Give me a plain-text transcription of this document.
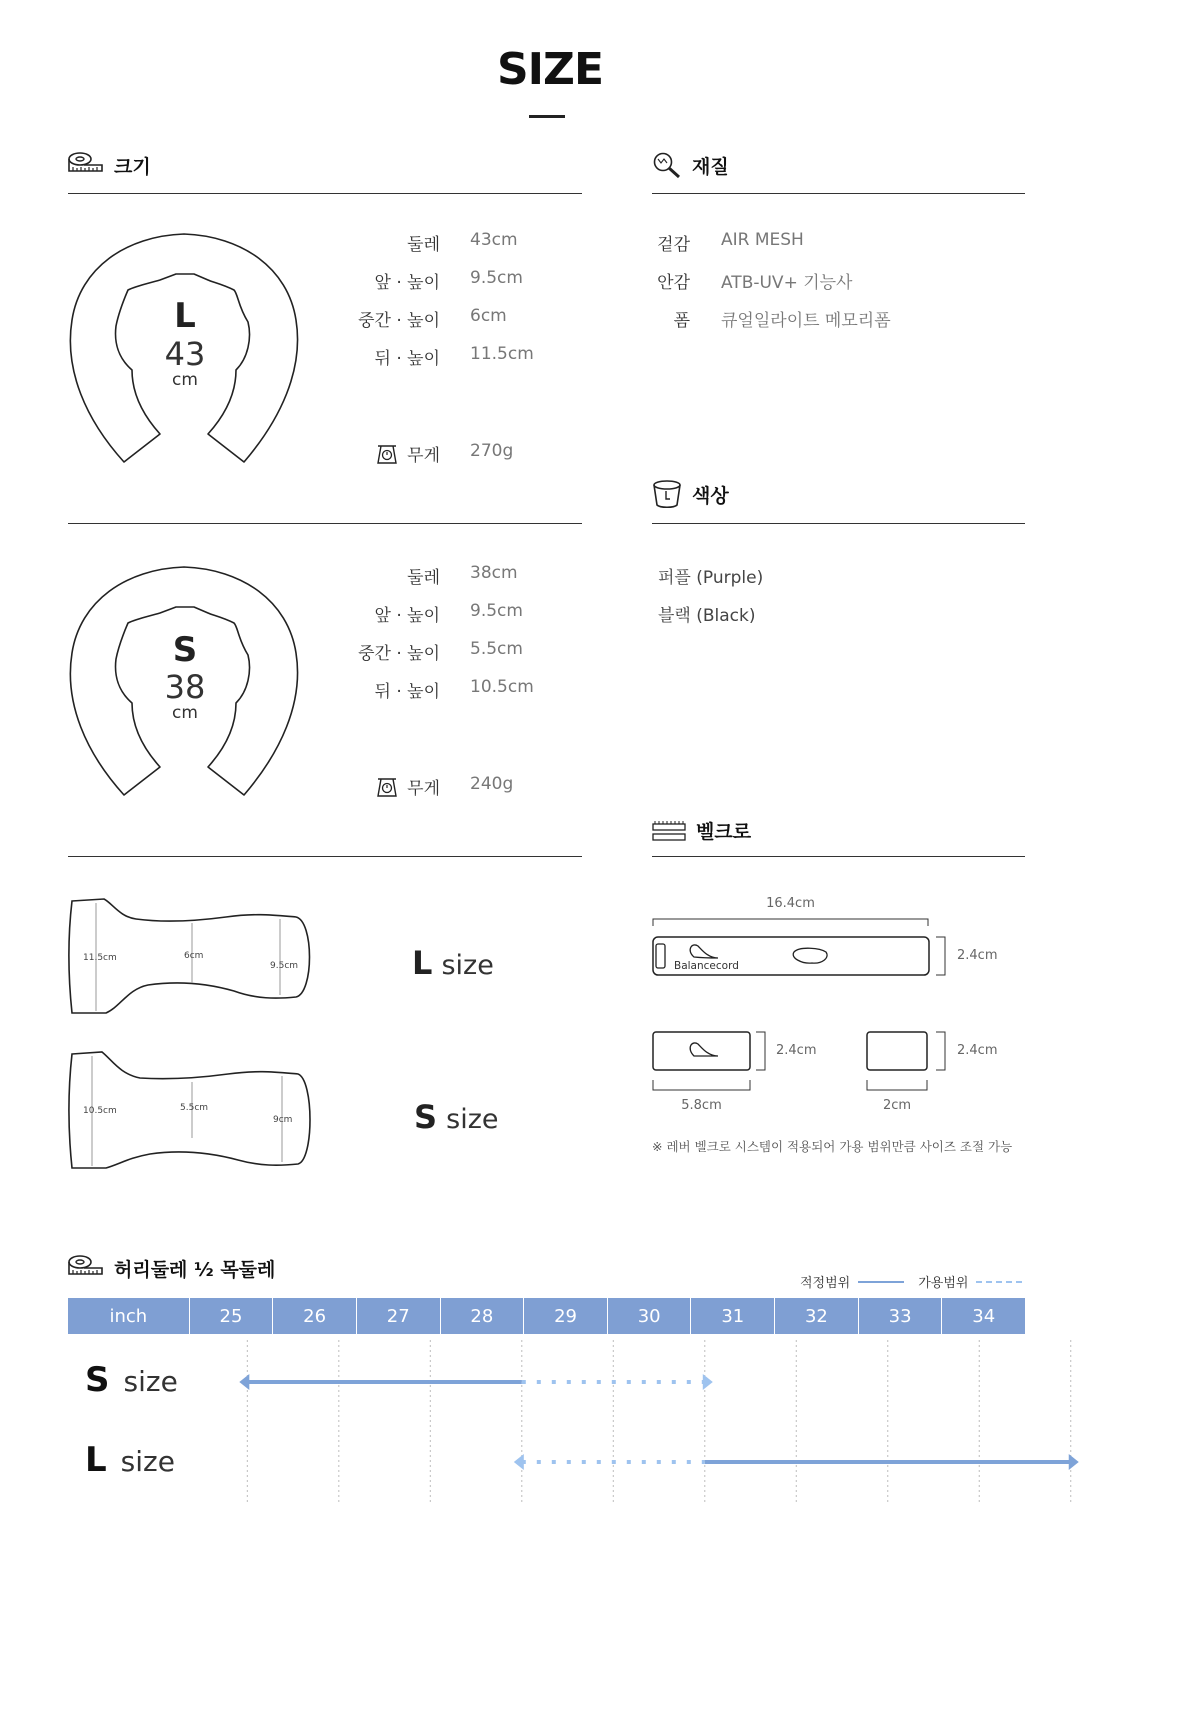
SIZE
크기
L
43
cm
둘레 43cm
앞 · 높이 9.5cm
중간 · 높이 6cm
뒤 · 높이 11.5cm
무게 270g
S
38
cm
둘레 38cm
앞 · 높이 9.5cm
중간 · 높이 5.5cm
뒤 · 높이 10.5cm
무게 240g
11.5cm	6cm
9.5cm	L size
10.5cm	5.5cm
9cm	S size
재질
겉감 AIR MESH
안감 ATB-UV+ 기능사
폼 큐얼일라이트 메모리폼
색상
퍼플 (Purple)
블랙 (Black)
벨크로
16.4cm
Balancecord
2.4cm
2.4cm
5.8cm
2.4cm
2cm
※ 레버 벨크로 시스템이 적용되어 가용 범위만큼 사이즈 조절 가능
허리둘레 ½ 목둘레
적정범위	가용범위
inch	25	26	27	28	29	30	31	32	33	34
S size
L size
